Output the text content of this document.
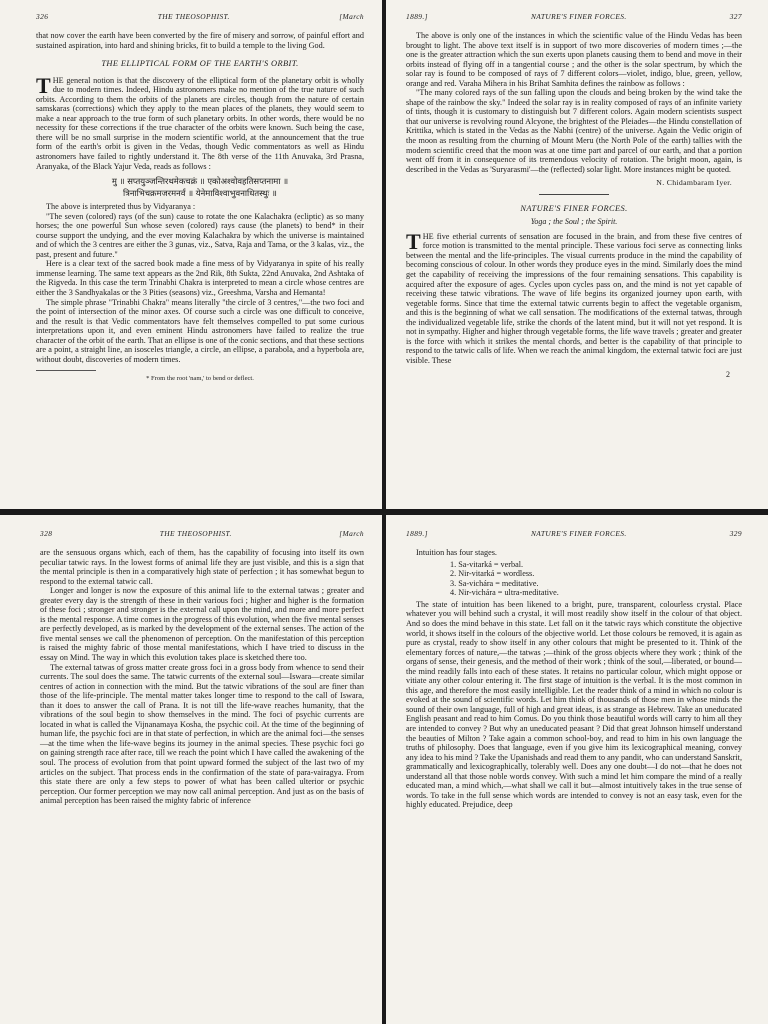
326	THE THEOSOPHIST.	[March

that now cover the earth have been converted by the fire of misery and sorrow, of painful effort and sustained aspiration, into hard and shining bricks, fit to build a temple to the living God.

THE ELLIPTICAL FORM OF THE EARTH'S ORBIT.

THE general notion is that the discovery of the elliptical form of the planetary orbit is wholly due to modern times. Indeed, Hindu astronomers make no mention of the true nature of such orbits. According to them the orbits of the planets are circles, though from the nature of certain samskaras (corrections) which they apply to the mean places of the planets, they would seem to make a near approach to the true form of such planetary orbits. In other words, there would be no necessity for these corrections if the true character of the orbits were known. Such being the case, there will be no small surprise in the modern scientific world, at the announcement that the true form of the earth's orbit is given in the Vedas, though Vedic commentators as well as Hindu astronomers have failed to rightly understand it. The 8th verse of the 11th Anuvaka, 3rd Prasna, Aranyaka, of the Black Yajur Veda, reads as follows :

मु ॥ सप्तयुञ्जन्तिरथमेकचक्रं ॥ एकोअश्वोवहतिसप्तनामा ॥
त्रिनाभिचक्रमजरमनर्वं ॥ येनेमाविश्वाभुवनाधितस्थुः ॥

The above is interpreted thus by Vidyaranya :

"The seven (colored) rays (of the sun) cause to rotate the one Kalachakra (ecliptic) as so many horses; the one powerful Sun whose seven (colored) rays cause (the planets) to bend* in their course support the undying, and the ever moving Kalachakra by which the universe is maintained and of which the 3 centres are either the 3 gunas, viz., Satva, Raja and Tama, or the 3 kalas, viz., the past, present and future."

Here is a clear text of the sacred book made a fine mess of by Vidyaranya in spite of his really immense learning. The same text appears as the 2nd Rik, 8th Sukta, 22nd Anuvaka, 2nd Ashtaka of the Rigveda. In this case the term Trinabhi Chakra is interpreted to mean a circle whose centres are either the 3 Sandhyakalas or the 3 Pities (seasons) viz., Greeshma, Varsha and Hemanta!

The simple phrase "Trinabhi Chakra" means literally "the circle of 3 centres,"—the two foci and the point of intersection of the minor axes. Of course such a circle was one difficult to conceive, and the result is that Vedic commentators have felt themselves compelled to put some curious interpretations upon it, and even eminent Hindu astronomers have failed to realize the true character of the orbit of the earth. That an ellipse is one of the conic sections, and that these sections are a point, a straight line, an isosceles triangle, a circle, an ellipse, a parabola, and a hyperbola are, without doubt, discoveries of modern times.

* From the root 'nam,' to bend or deflect.
1889.]	NATURE'S FINER FORCES.	327

The above is only one of the instances in which the scientific value of the Hindu Vedas has been brought to light. The above text itself is in support of two more discoveries of modern times ;—the one is the greater attraction which the sun exerts upon planets causing them to bend and move in their orbits instead of flying off in a tangential course ; and the other is the solar spectrum, by which the solar ray is found to be composed of rays of 7 different colors—violet, indigo, blue, green, yellow, orange and red. Varaha Mihera in his Brihat Samhita defines the rainbow as follows :

"The many colored rays of the sun falling upon the clouds and being broken by the wind take the shape of the rainbow the sky." Indeed the solar ray is in reality composed of rays of an infinite variety of tints, though it is customary to distinguish but 7 different colors. Again modern scientists suspect that our universe is revolving round Alcyone, the brightest of the Pleiades—the Hindu constellation of Krittika, which is stated in the Vedas as the Nabhi (centre) of the universe. Again the Vedic origin of the moon as resulting from the churning of Mount Meru (the North Pole of the earth) tallies with the modern scientific creed that the moon was at one time part and parcel of our earth, and that a portion went off from it in consequence of its tremendous velocity of rotation. The bright moon, again, is described in the Vedas as 'Suryarasmi'—the (reflected) solar light. More instances might be quoted.

N. Chidambaram Iyer.
NATURE'S FINER FORCES.
Yoga ; the Soul ; the Spirit.

THE five etherial currents of sensation are focused in the brain, and from these five centres of force motion is transmitted to the mental principle. These various foci serve as connecting links between the mental and the life-principles. The visual currents produce in the mind the capability of becoming conscious of colour. In other words they produce eyes in the mind. Similarly does the mind get the capability of receiving the impressions of the four remaining sensations. This capability is acquired after the exposure of ages. Cycles upon cycles pass on, and the mind is not yet capable of receiving these tatwic vibrations. The wave of life begins its organized journey upon earth, with vegetable forms. Since that time the external tatwic currents begin to affect the vegetable organism, and this is the beginning of what we call sensation. The modifications of the external tatwas, through the individualized vegetable life, strike the chords of the latent mind, but it will not yet respond. It is not in sympathy. Higher and higher through vegetable forms, the life wave travels ; greater and greater is the force with which it strikes the mental chords, and better is the capability of that principle to respond to the tatwic calls of life. When we reach the animal kingdom, the external tatwic foci are just visible. These

2
328	THE THEOSOPHIST.	[March

are the sensuous organs which, each of them, has the capability of focusing into itself its own peculiar tatwic rays. In the lowest forms of animal life they are just visible, and this is a sign that the mental principle is then in a comparatively high state of perfection ; it has somewhat begun to respond to the external tatwic call.

Longer and longer is now the exposure of this animal life to the external tatwas ; greater and greater every day is the strength of these in their various foci ; higher and higher is the formation of these foci ; stronger and stronger is the external call upon the mind, and more and more perfect is the mental response. A time comes in the progress of this evolution, when the five mental senses are perfectly developed, as is marked by the development of the external senses. The action of the five mental senses we call the phenomenon of perception. On the manifestation of this perception is raised the mighty fabric of those mental manifestations, which I have tried to discuss in the essay on Mind. The way in which this evolution takes place is sketched there too.

The external tatwas of gross matter create gross foci in a gross body from whence to send their currents. The soul does the same. The tatwic currents of the external soul—Iswara—create similar centres of action in connection with the mind. But the tatwic vibrations of the soul are finer than those of the life-principle. The mental matter takes longer time to respond to the call of Iswara, than it does to answer the call of Prana. It is not till the life-wave reaches humanity, that the vibrations of the soul begin to show themselves in the mind. The foci of psychic currents are located in what is called the Vijnanamaya Kosha, the psychic coil. At the time of the beginning of human life, the psychic foci are in that state of perfection, in which are the animal foci—the senses—at the time when the life-wave begins its journey in the animal species. These psychic foci go on gaining strength race after race, till we reach the point which I have called the awakening of the soul. The process of evolution from that point upward formed the subject of the last two of my articles on the subject. That process ends in the confirmation of the state of para-vairagya. From this state there are only a few steps to power of what has been called ulterior or psychic perception. Our former perception we may now call animal perception. And just as on the basis of animal perception has been raised the mighty fabric of inference

1889.]	NATURE'S FINER FORCES.	329

Intuition has four stages.

1. Sa-vitarká = verbal.
2. Nir-vitarká = wordless.
3. Sa-vichára = meditative.
4. Nir-vichára = ultra-meditative.

The state of intuition has been likened to a bright, pure, transparent, colourless crystal. Place whatever you will behind such a crystal, it will most readily show itself in the colour of that object. And so does the mind behave in this state. Let fall on it the tatwic rays which constitute the objective world, it shows itself in the colours of the objective world. Let those colours be removed, it is again as pure as crystal, ready to show itself in any other colours that might be presented to it. Think of the elementary forces of nature,—the tatwas ;—think of the gross objects where they work ; think of the organs of sense, their genesis, and the method of their work ; think of the soul,—liberated, or bound—the mind readily falls into each of these states. It retains no particular colour, which might oppose or vitiate any other colour entering it. The first stage of intuition is the verbal. It is the most common in this age, and therefore the most easily intelligible. Let the reader think of a mind in which no colour is evoked at the sound of scientific words. Let him think of thousands of those men in whose minds the sound of their own language, full of high and great ideas, is as strange as Hebrew. Take an uneducated English peasant and read to him Comus. Do you think those beautiful words will carry to him all they are intended to convey ? But why an uneducated peasant ? Did that great Johnson himself understand the beauties of Milton ? Take again a common school-boy, and read to him in his own language the truths of philosophy. Does that language, even if you give him its lexicographical meaning, convey any idea to his mind ? Take the Upanishads and read them to any pandit, who can understand Sanskrit, grammatically and lexicographically, tolerably well. Does any one doubt—I do not—that he does not understand all that those noble words convey. With such a mind let him compare the mind of a really educated man, a mind which,—what shall we call it but—almost intuitively takes in the true sense of words. To take in the full sense which words are intended to convey is not an easy task, even for the highly educated. Prejudice, deep
